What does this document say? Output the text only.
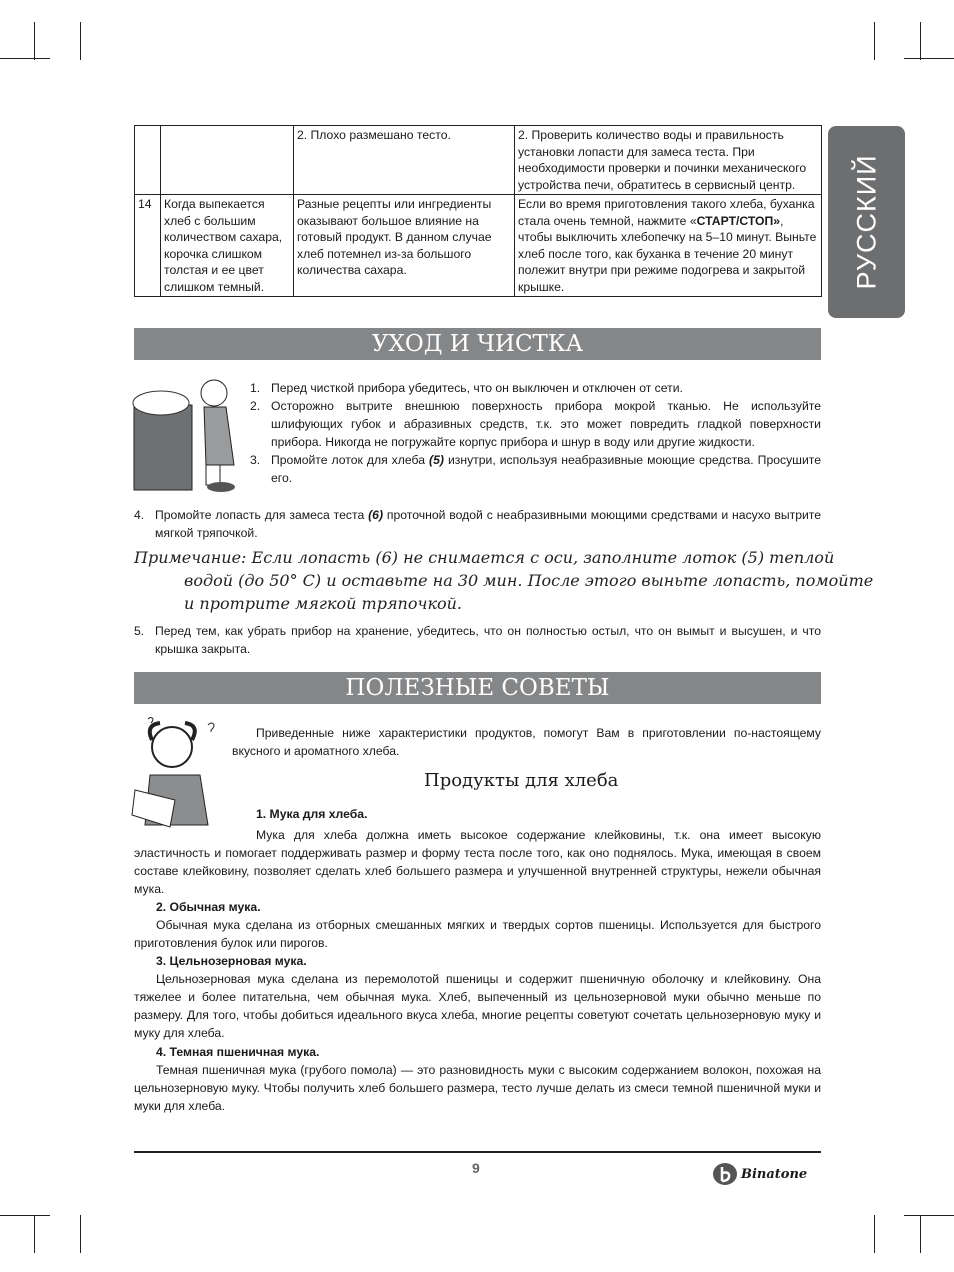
		2. Плохо размешано тесто.	2. Проверить количество воды и правильность установки лопасти для замеса теста. При необходимости проверки и починки механического устройства печи, обратитесь в сервисный центр.
14	Когда выпекается хлеб с большим количеством сахара, корочка слишком толстая и ее цвет слишком темный.	Разные рецепты или ингредиенты оказывают большое влияние на готовый продукт. В данном случае хлеб потемнел из-за большого количества сахара.	Если во время приготовления такого хлеба, буханка стала очень темной, нажмите «СТАРТ/СТОП», чтобы выключить хлебопечку на 5–10 минут. Выньте хлеб после того, как буханка в течение 20 минут полежит внутри при режиме подогрева и закрытой крышке.	РУССКИЙ
УХОД И ЧИСТКА
1. Перед чисткой прибора убедитесь, что он выключен и отключен от сети.
2. Осторожно вытрите внешнюю поверхность прибора мокрой тканью. Не используйте шлифующих губок и абразивных средств, т.к. это может повредить гладкой поверхности прибора. Никогда не погружайте корпус прибора и шнур в воду или другие жидкости.
3. Промойте лоток для хлеба (5) изнутри, используя неабразивные моющие средства. Просушите его.
4. Промойте лопасть для замеса теста (6) проточной водой с неабразивными моющими средствами и насухо вытрите мягкой тряпочкой.
Примечание: Если лопасть (6) не снимается с оси, заполните лоток (5) теплой водой (до 50° С) и оставьте на 30 мин. После этого выньте лопасть, помойте и протрите мягкой тряпочкой.
5. Перед тем, как убрать прибор на хранение, убедитесь, что он полностью остыл, что он вымыт и высушен, и что крышка закрыта.
ПОЛЕЗНЫЕ СОВЕТЫ
Приведенные ниже характеристики продуктов, помогут Вам в приготовлении по-настоящему вкусного и ароматного хлеба.
Продукты для хлеба
1. Мука для хлеба.
Мука для хлеба должна иметь высокое содержание клейковины, т.к. она имеет высокую эластичность и помогает поддерживать размер и форму теста после того, как оно поднялось. Мука, имеющая в своем составе клейковину, позволяет сделать хлеб большего размера и улучшенной внутренней структуры, нежели обычная мука.
2. Обычная мука.
Обычная мука сделана из отборных смешанных мягких и твердых сортов пшеницы. Используется для быстрого приготовления булок или пирогов.
3. Цельнозерновая мука.
Цельнозерновая мука сделана из перемолотой пшеницы и содержит пшеничную оболочку и клейковину. Она тяжелее и более питательна, чем обычная мука. Хлеб, выпеченный из цельнозерновой муки обычно меньше по размеру. Для того, чтобы добиться идеального вкуса хлеба, многие рецепты советуют сочетать цельнозерновую муку и муку для хлеба.
4. Темная пшеничная мука.
Темная пшеничная мука (грубого помола) — это разновидность муки с высоким содержанием волокон, похожая на цельнозерновую муку. Чтобы получить хлеб большего размера, тесто лучше делать из смеси темной пшеничной муки и муки для хлеба.
9	Binatone
